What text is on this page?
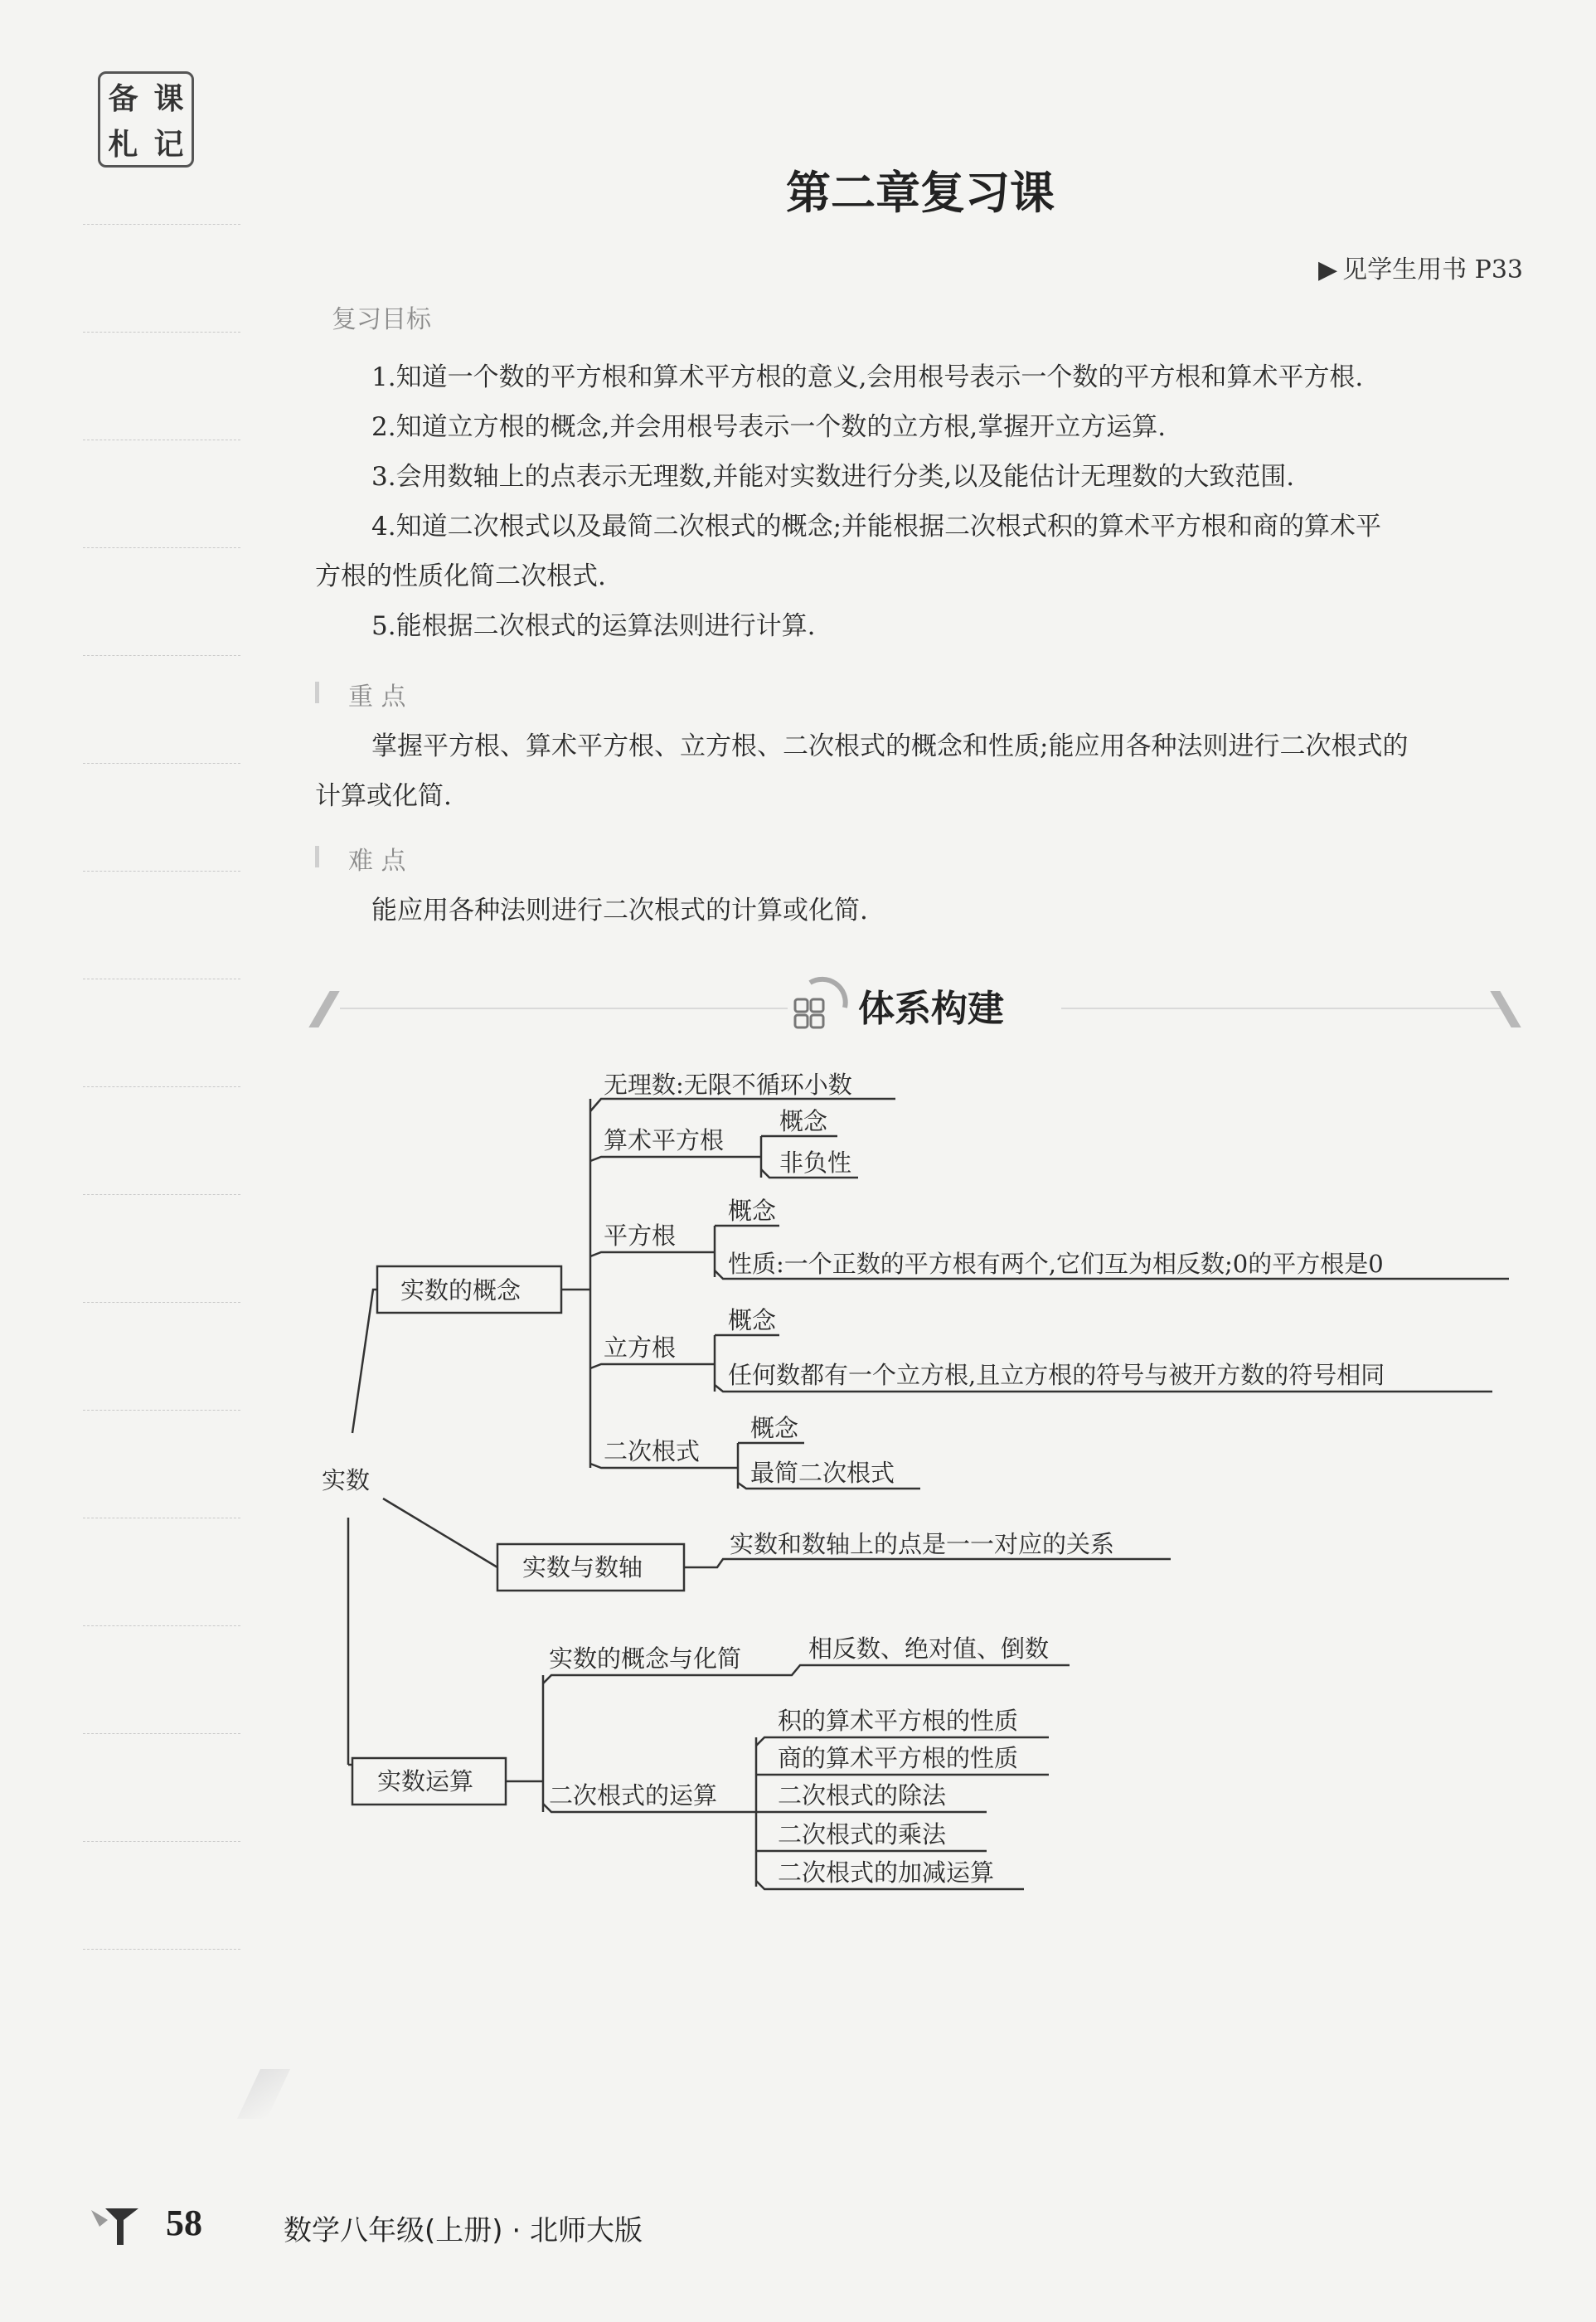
备 课
札 记
第二章复习课
▶ 见学生用书 P33
复习目标
1.知道一个数的平方根和算术平方根的意义,会用根号表示一个数的平方根和算术平方根.
2.知道立方根的概念,并会用根号表示一个数的立方根,掌握开立方运算.
3.会用数轴上的点表示无理数,并能对实数进行分类,以及能估计无理数的大致范围.
4.知道二次根式以及最简二次根式的概念;并能根据二次根式积的算术平方根和商的算术平
方根的性质化简二次根式.
5.能根据二次根式的运算法则进行计算.
重 点
掌握平方根、算术平方根、立方根、二次根式的概念和性质;能应用各种法则进行二次根式的
计算或化简.
难 点
能应用各种法则进行二次根式的计算或化简.
体系构建
实数
实数的概念
无理数:无限不循环小数
算术平方根
概念
非负性
平方根
概念
性质:一个正数的平方根有两个,它们互为相反数;0的平方根是0
立方根
概念
任何数都有一个立方根,且立方根的符号与被开方数的符号相同
二次根式
概念
最简二次根式
实数与数轴
实数和数轴上的点是一一对应的关系
实数运算
实数的概念与化简	相反数、绝对值、倒数
二次根式的运算
积的算术平方根的性质
商的算术平方根的性质
二次根式的除法
二次根式的乘法
二次根式的加减运算
58	数学八年级(上册) · 北师大版
